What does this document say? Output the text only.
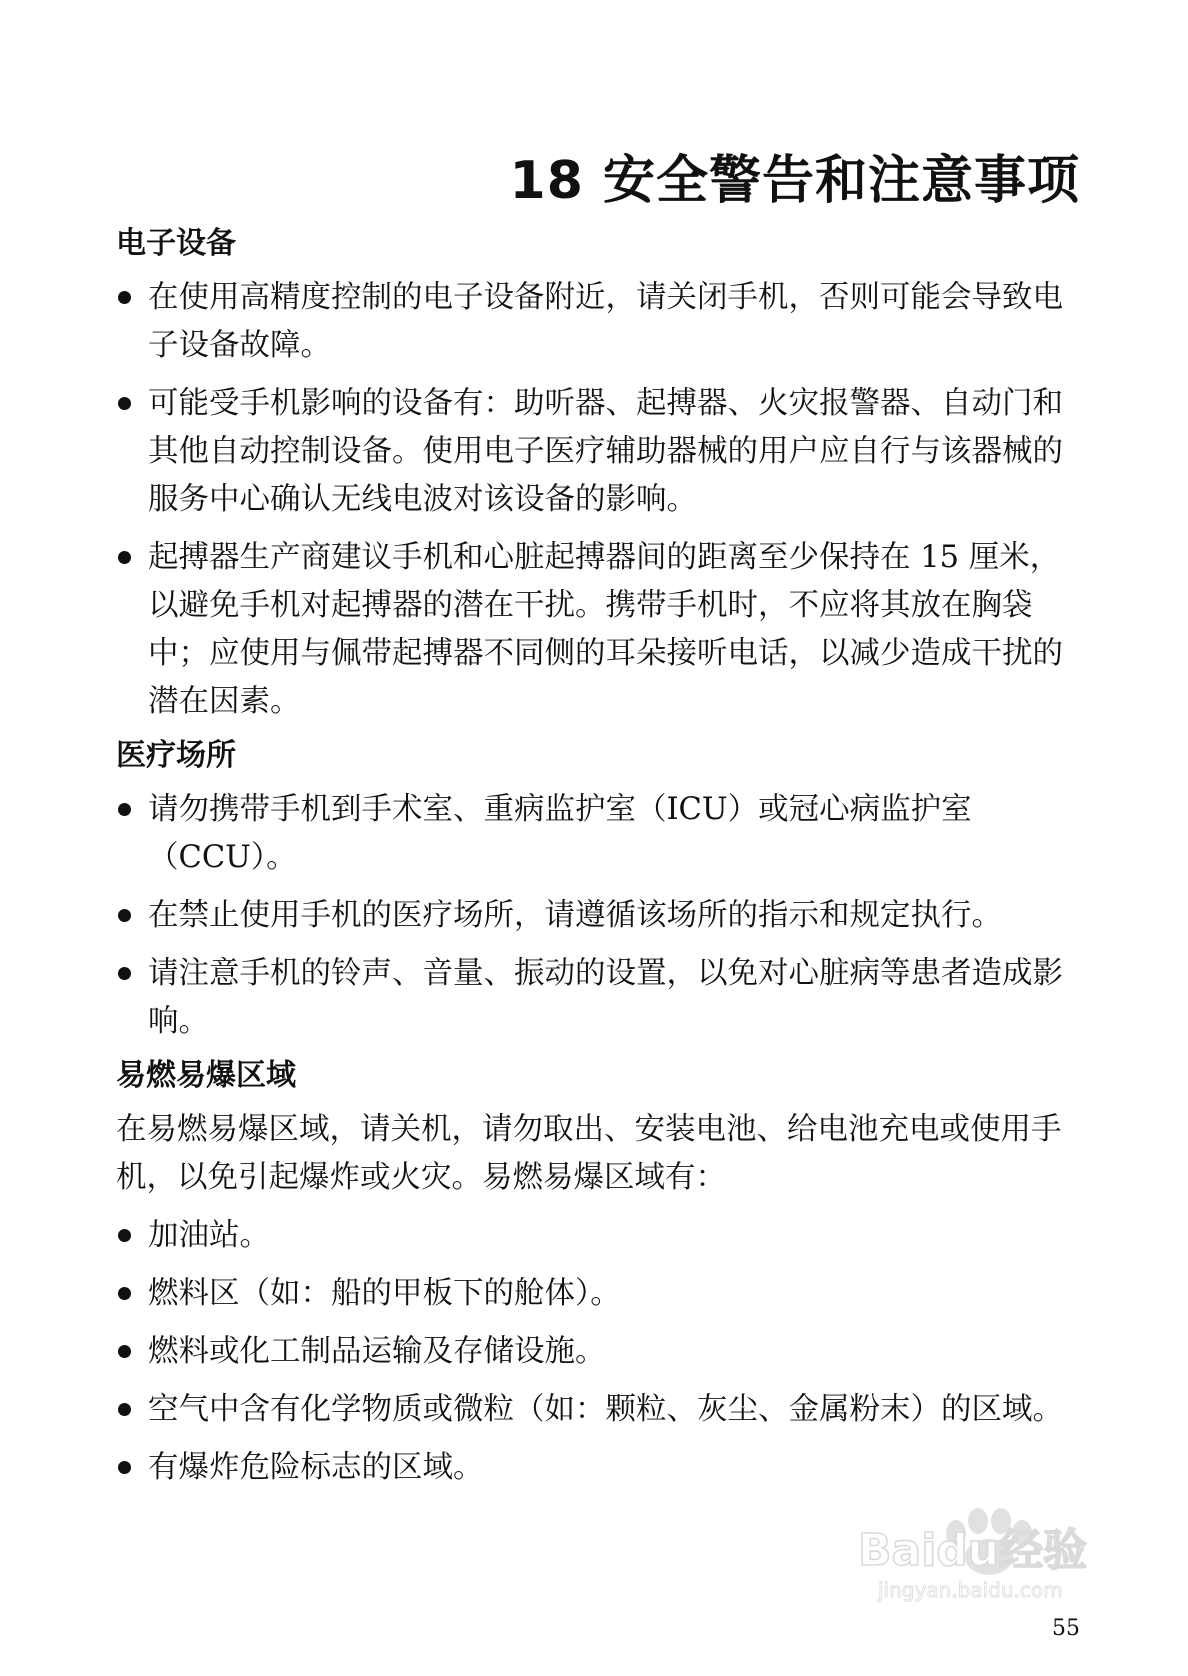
18 安全警告和注意事项
电子设备
在使用高精度控制的电子设备附近，请关闭手机，否则可能会导致电子设备故障。
可能受手机影响的设备有：助听器、起搏器、火灾报警器、自动门和其他自动控制设备。使用电子医疗辅助器械的用户应自行与该器械的服务中心确认无线电波对该设备的影响。
起搏器生产商建议手机和心脏起搏器间的距离至少保持在 15 厘米，以避免手机对起搏器的潜在干扰。携带手机时，不应将其放在胸袋中；应使用与佩带起搏器不同侧的耳朵接听电话，以减少造成干扰的潜在因素。
医疗场所
请勿携带手机到手术室、重病监护室（ICU）或冠心病监护室（CCU）。
在禁止使用手机的医疗场所，请遵循该场所的指示和规定执行。
请注意手机的铃声、音量、振动的设置，以免对心脏病等患者造成影响。
易燃易爆区域

在易燃易爆区域，请关机，请勿取出、安装电池、给电池充电或使用手机，以免引起爆炸或火灾。易燃易爆区域有：

加油站。
燃料区（如：船的甲板下的舱体）。
燃料或化工制品运输及存储设施。
空气中含有化学物质或微粒（如：颗粒、灰尘、金属粉末）的区域。
有爆炸危险标志的区域。
Baidu经验
jingyan.baidu.com

55
